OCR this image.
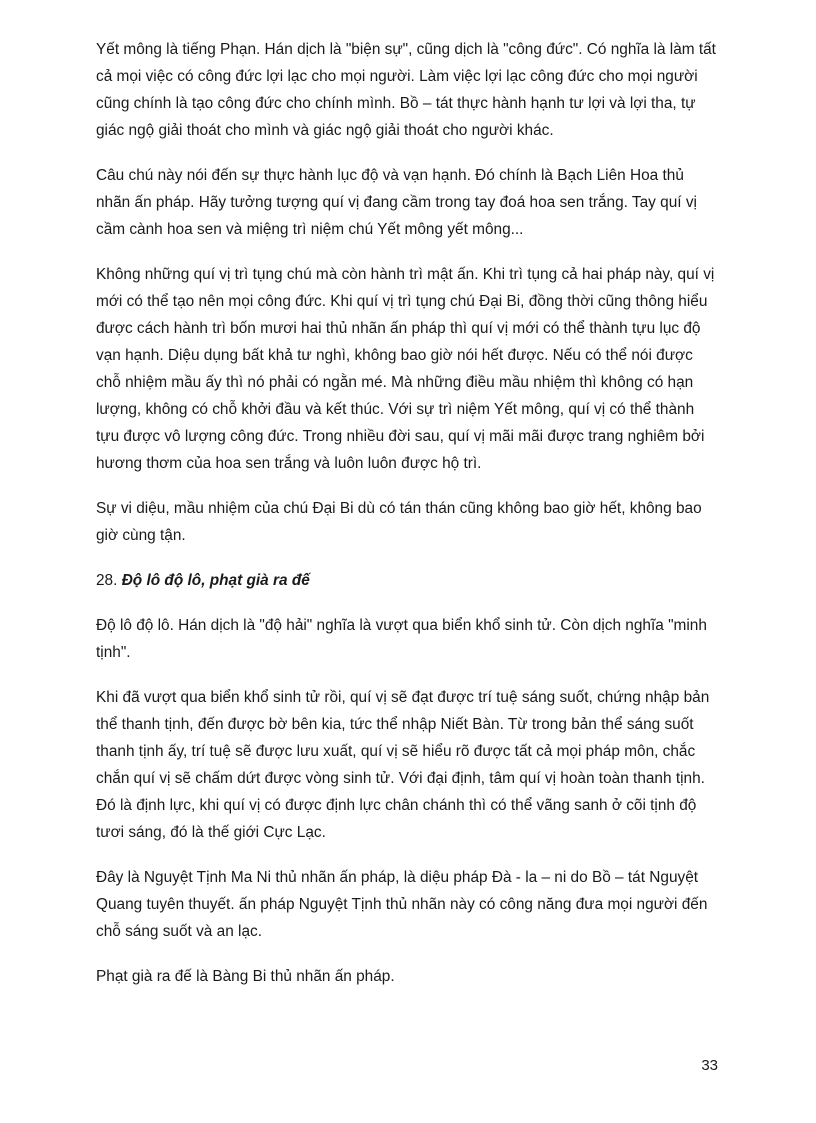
Yết mông là tiếng Phạn. Hán dịch là "biện sự", cũng dịch là "công đức". Có nghĩa là làm tất cả mọi việc có công đức lợi lạc cho mọi người. Làm việc lợi lạc công đức cho mọi người cũng chính là tạo công đức cho chính mình. Bồ – tát thực hành hạnh tư lợi và lợi tha, tự giác ngộ giải thoát cho mình và giác ngộ giải thoát cho người khác.

Câu chú này nói đến sự thực hành lục độ và vạn hạnh. Đó chính là Bạch Liên Hoa thủ nhãn ấn pháp. Hãy tưởng tượng quí vị đang cầm trong tay đoá hoa sen trắng. Tay quí vị cầm cành hoa sen và miệng trì niệm chú Yết mông yết mông...

Không những quí vị trì tụng chú mà còn hành trì mật ấn. Khi trì tụng cả hai pháp này, quí vị mới có thể tạo nên mọi công đức. Khi quí vị trì tụng chú Đại Bi, đồng thời cũng thông hiểu được cách hành trì bốn mươi hai thủ nhãn ấn pháp thì quí vị mới có thể thành tựu lục độ vạn hạnh. Diệu dụng bất khả tư nghì, không bao giờ nói hết được. Nếu có thể nói được chỗ nhiệm mầu ấy thì nó phải có ngằn mé. Mà những điều mầu nhiệm thì không có hạn lượng, không có chỗ khởi đầu và kết thúc. Với sự trì niệm Yết mông, quí vị có thể thành tựu được vô lượng công đức. Trong nhiều đời sau, quí vị mãi mãi được trang nghiêm bởi hương thơm của hoa sen trắng và luôn luôn được hộ trì.

Sự vi diệu, mầu nhiệm của chú Đại Bi dù có tán thán cũng không bao giờ hết, không bao giờ cùng tận.

28. Độ lô độ lô, phạt già ra đế

Độ lô độ lô. Hán dịch là "độ hải" nghĩa là vượt qua biển khổ sinh tử. Còn dịch nghĩa "minh tịnh".

Khi đã vượt qua biển khổ sinh tử rồi, quí vị sẽ đạt được trí tuệ sáng suốt, chứng nhập bản thể thanh tịnh, đến được bờ bên kia, tức thể nhập Niết Bàn. Từ trong bản thể sáng suốt thanh tịnh ấy, trí tuệ sẽ được lưu xuất, quí vị sẽ hiểu rõ được tất cả mọi pháp môn, chắc chắn quí vị sẽ chấm dứt được vòng sinh tử. Với đại định, tâm quí vị hoàn toàn thanh tịnh. Đó là định lực, khi quí vị có được định lực chân chánh thì có thể vãng sanh ở cõi tịnh độ tươi sáng, đó là thế giới Cực Lạc.

Đây là Nguyệt Tịnh Ma Ni thủ nhãn ấn pháp, là diệu pháp Đà - la – ni do Bồ – tát Nguyệt Quang tuyên thuyết. ấn pháp Nguyệt Tịnh thủ nhãn này có công năng đưa mọi người đến chỗ sáng suốt và an lạc.

Phạt già ra đế là Bàng Bi thủ nhãn ấn pháp.

33
